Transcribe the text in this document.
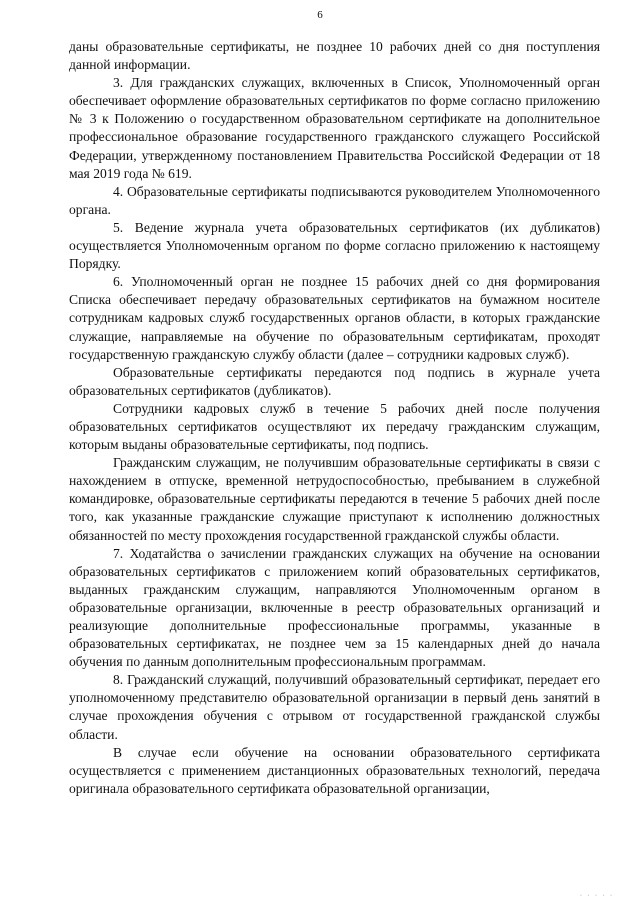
6

даны образовательные сертификаты, не позднее 10 рабочих дней со дня поступления данной информации.

3. Для гражданских служащих, включенных в Список, Уполномоченный орган обеспечивает оформление образовательных сертификатов по форме согласно приложению № 3 к Положению о государственном образовательном сертификате на дополнительное профессиональное образование государственного гражданского служащего Российской Федерации, утвержденному постановлением Правительства Российской Федерации от 18 мая 2019 года № 619.

4. Образовательные сертификаты подписываются руководителем Уполномоченного органа.

5. Ведение журнала учета образовательных сертификатов (их дубликатов) осуществляется Уполномоченным органом по форме согласно приложению к настоящему Порядку.

6. Уполномоченный орган не позднее 15 рабочих дней со дня формирования Списка обеспечивает передачу образовательных сертификатов на бумажном носителе сотрудникам кадровых служб государственных органов области, в которых гражданские служащие, направляемые на обучение по образовательным сертификатам, проходят государственную гражданскую службу области (далее – сотрудники кадровых служб).

Образовательные сертификаты передаются под подпись в журнале учета образовательных сертификатов (дубликатов).

Сотрудники кадровых служб в течение 5 рабочих дней после получения образовательных сертификатов осуществляют их передачу гражданским служащим, которым выданы образовательные сертификаты, под подпись.

Гражданским служащим, не получившим образовательные сертификаты в связи с нахождением в отпуске, временной нетрудоспособностью, пребыванием в служебной командировке, образовательные сертификаты передаются в течение 5 рабочих дней после того, как указанные гражданские служащие приступают к исполнению должностных обязанностей по месту прохождения государственной гражданской службы области.

7. Ходатайства о зачислении гражданских служащих на обучение на основании образовательных сертификатов с приложением копий образовательных сертификатов, выданных гражданским служащим, направляются Уполномоченным органом в образовательные организации, включенные в реестр образовательных организаций и реализующие дополнительные профессиональные программы, указанные в образовательных сертификатах, не позднее чем за 15 календарных дней до начала обучения по данным дополнительным профессиональным программам.

8. Гражданский служащий, получивший образовательный сертификат, передает его уполномоченному представителю образовательной организации в первый день занятий в случае прохождения обучения с отрывом от государственной гражданской службы области.

В случае если обучение на основании образовательного сертификата осуществляется с применением дистанционных образовательных технологий, передача оригинала образовательного сертификата образовательной организации,

· · · · ·
